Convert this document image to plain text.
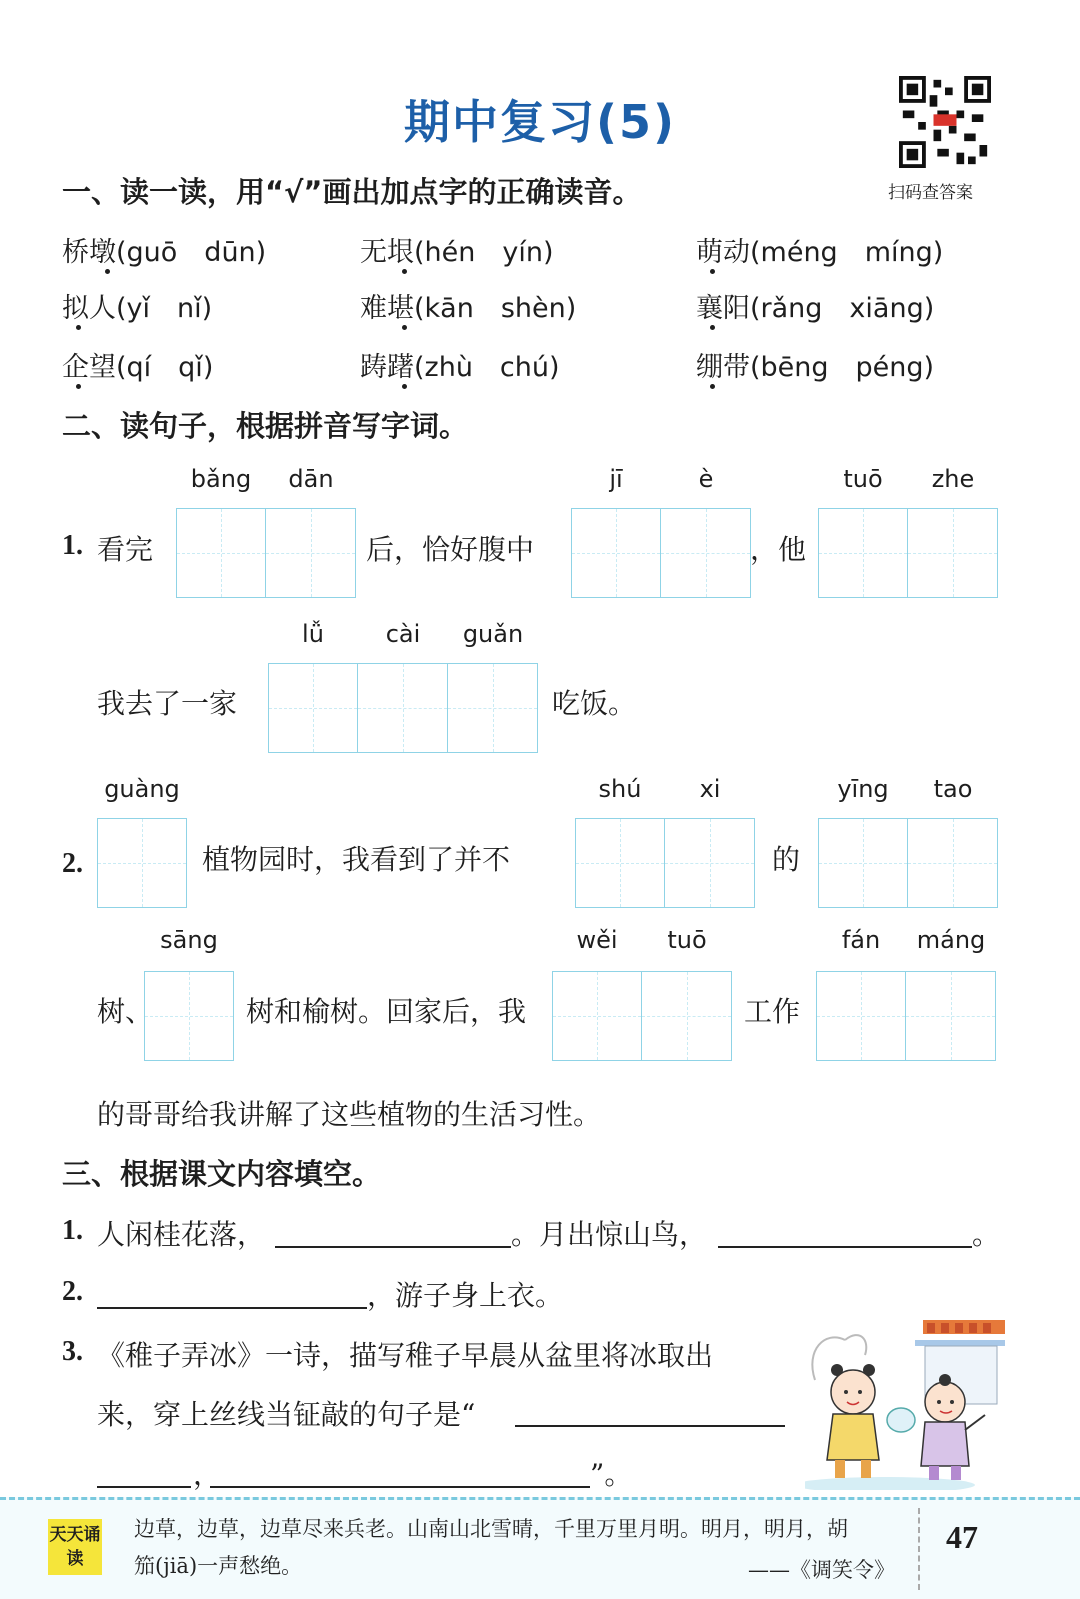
期中复习(5)
扫码查答案
一、读一读，用“√”画出加点字的正确读音。
桥墩(guō　dūn)	无垠(hén　yín)	萌动(méng　míng)
拟人(yǐ　nǐ)	难堪(kān　shèn)	襄阳(rǎng　xiāng)
企望(qí　qǐ)	踌躇(zhù　chú)	绷带(bēng　péng)
二、读句子，根据拼音写字词。
1. 看完
bǎng	dān
后，恰好腹中
jī	è
，他
tuō	zhe
我去了一家
lǚ	cài	guǎn
吃饭。
2.
guàng
植物园时，我看到了并不
shú	xi
的
yīng	tao
树、
sāng
树和榆树。回家后，我
wěi	tuō
工作
fán	máng
的哥哥给我讲解了这些植物的生活习性。
三、根据课文内容填空。
1. 人闲桂花落，	。月出惊山鸟，	。
2.	，游子身上衣。
3. 《稚子弄冰》一诗，描写稚子早晨从盆里将冰取出
来，穿上丝线当钲敲的句子是“
，	”。
天天诵读
边草，边草，边草尽来兵老。山南山北雪晴，千里万里月明。明月，明月，胡
笳(jiā)一声愁绝。	——《调笑令》
47
